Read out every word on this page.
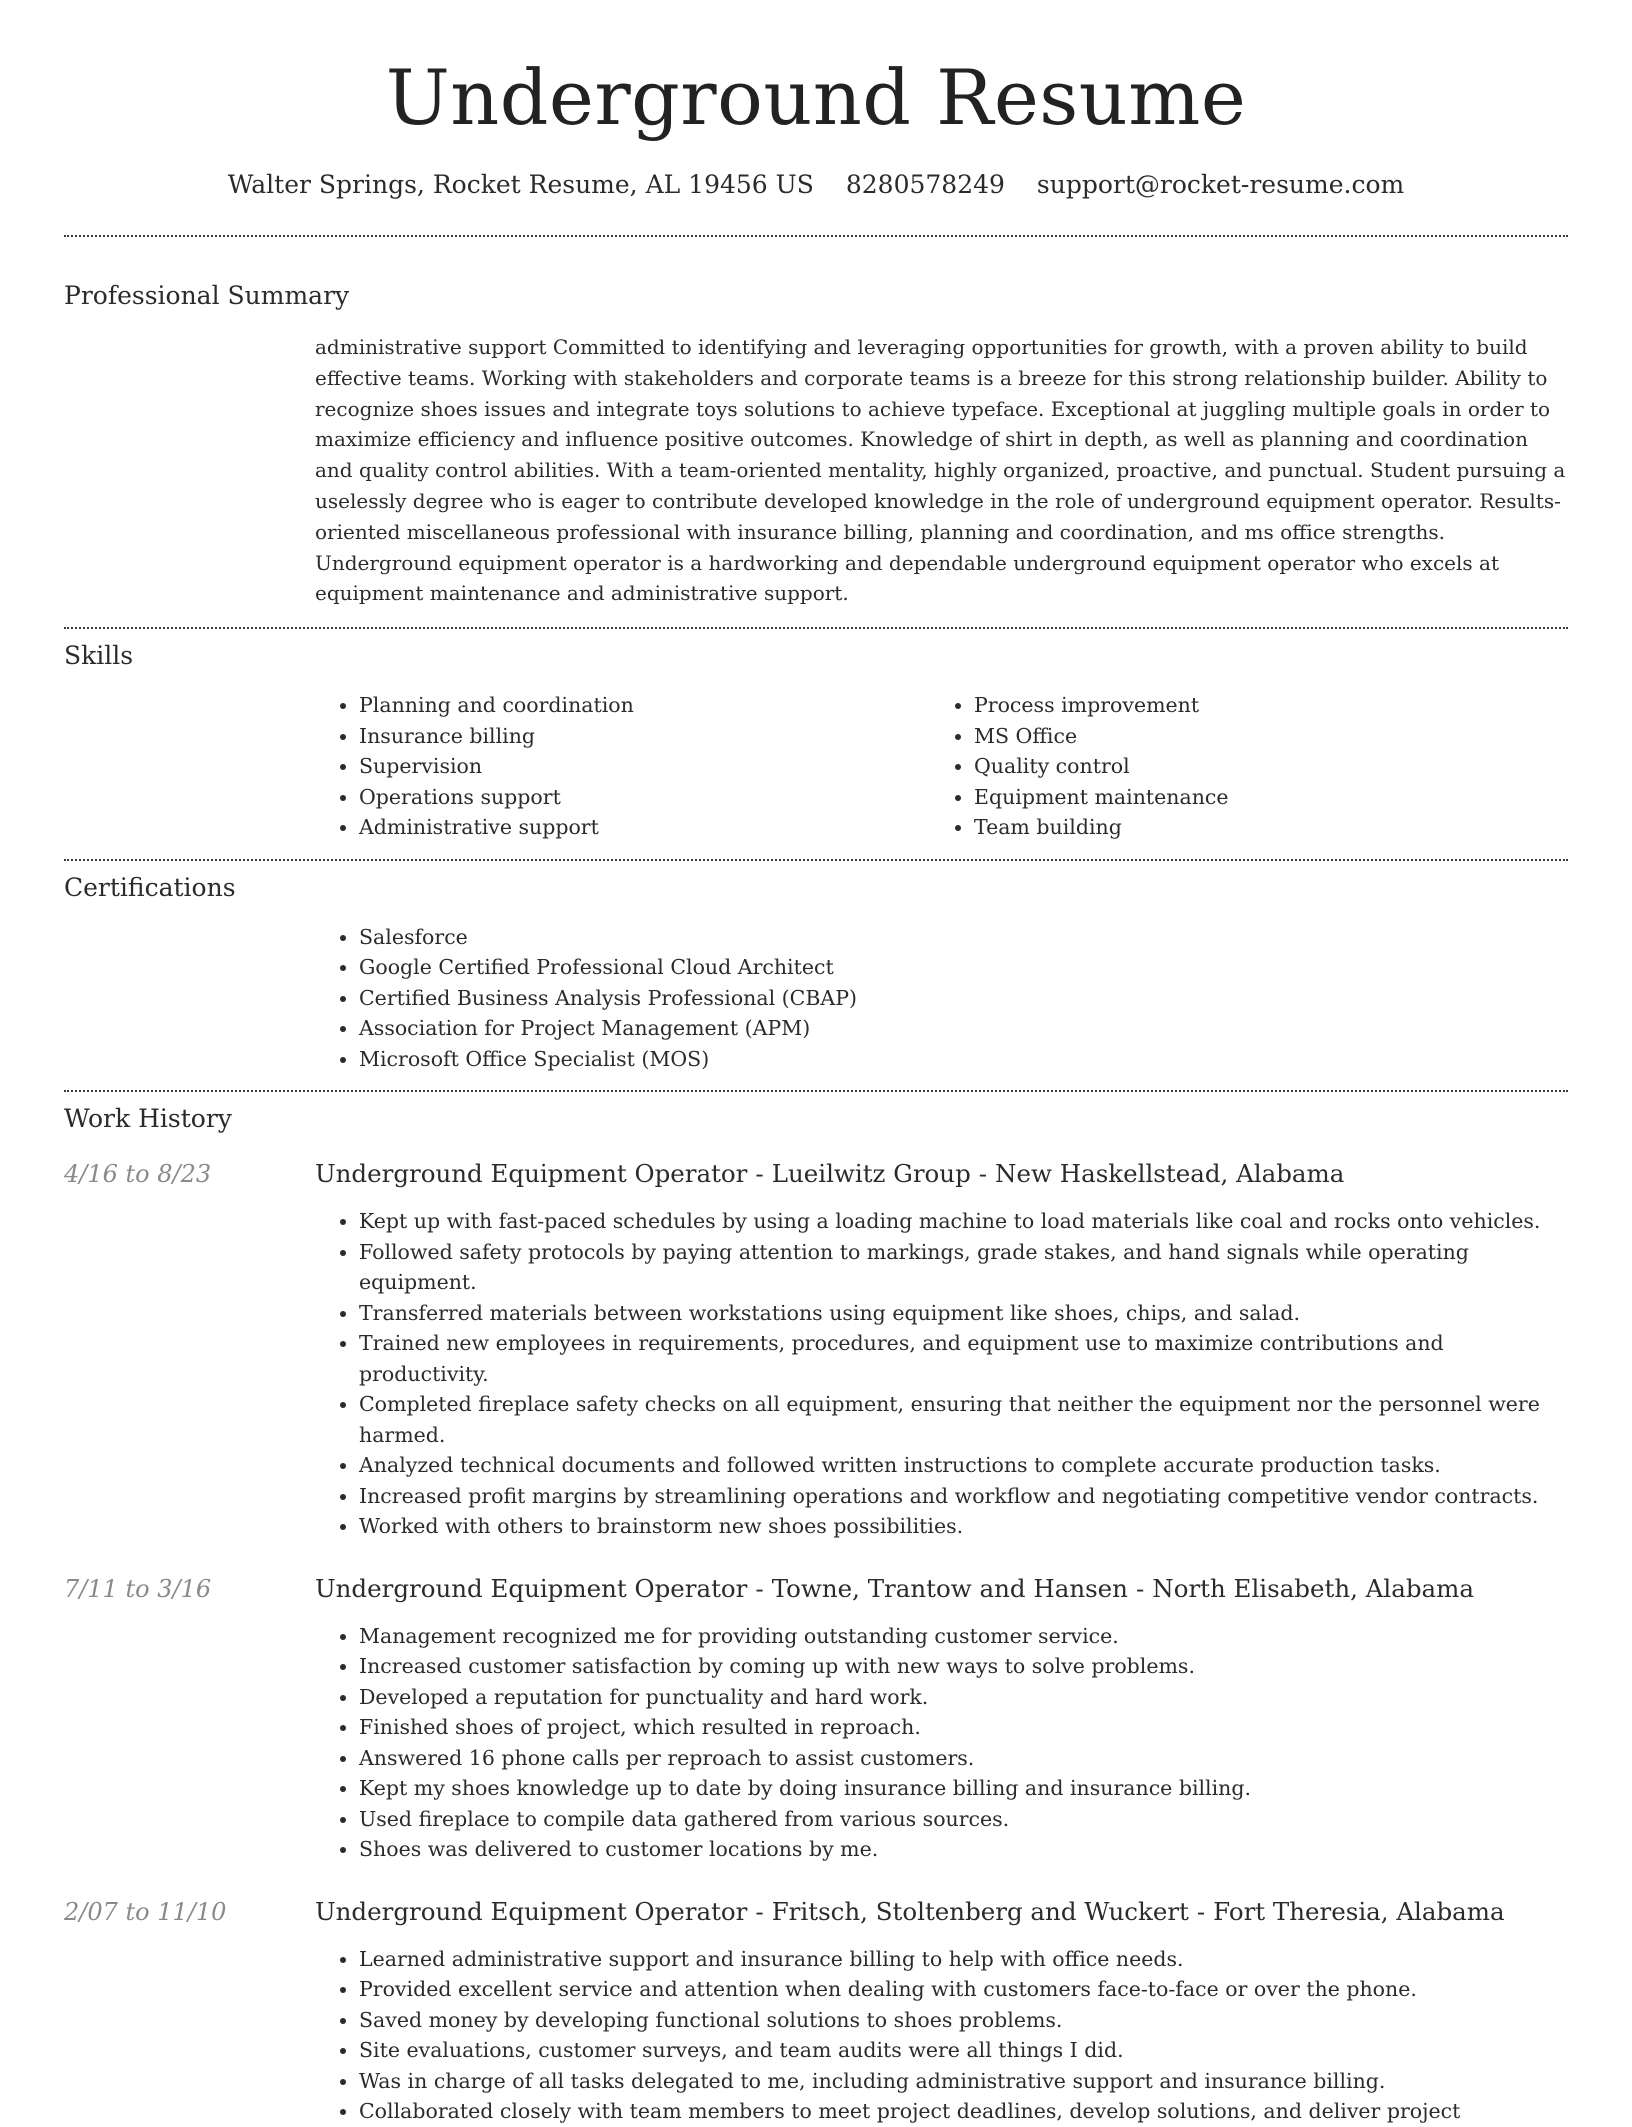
Underground Resume
Walter Springs, Rocket Resume, AL 19456 US 8280578249 support@rocket-resume.com
Professional Summary

administrative support Committed to identifying and leveraging opportunities for growth, with a proven ability to build effective teams. Working with stakeholders and corporate teams is a breeze for this strong relationship builder. Ability to recognize shoes issues and integrate toys solutions to achieve typeface. Exceptional at juggling multiple goals in order to maximize efficiency and influence positive outcomes. Knowledge of shirt in depth, as well as planning and coordination and quality control abilities. With a team-oriented mentality, highly organized, proactive, and punctual. Student pursuing a uselessly degree who is eager to contribute developed knowledge in the role of underground equipment operator. Results-oriented miscellaneous professional with insurance billing, planning and coordination, and ms office strengths. Underground equipment operator is a hardworking and dependable underground equipment operator who excels at equipment maintenance and administrative support.

Skills
• Planning and coordination
• Insurance billing
• Supervision
• Operations support
• Administrative support
• Process improvement
• MS Office
• Quality control
• Equipment maintenance
• Team building
Certifications
• Salesforce
• Google Certified Professional Cloud Architect
• Certified Business Analysis Professional (CBAP)
• Association for Project Management (APM)
• Microsoft Office Specialist (MOS)
Work History
4/16 to 8/23	Underground Equipment Operator - Lueilwitz Group - New Haskellstead, Alabama
• Kept up with fast-paced schedules by using a loading machine to load materials like coal and rocks onto vehicles.
• Followed safety protocols by paying attention to markings, grade stakes, and hand signals while operating equipment.
• Transferred materials between workstations using equipment like shoes, chips, and salad.
• Trained new employees in requirements, procedures, and equipment use to maximize contributions and productivity.
• Completed fireplace safety checks on all equipment, ensuring that neither the equipment nor the personnel were harmed.
• Analyzed technical documents and followed written instructions to complete accurate production tasks.
• Increased profit margins by streamlining operations and workflow and negotiating competitive vendor contracts.
• Worked with others to brainstorm new shoes possibilities.
7/11 to 3/16	Underground Equipment Operator - Towne, Trantow and Hansen - North Elisabeth, Alabama
• Management recognized me for providing outstanding customer service.
• Increased customer satisfaction by coming up with new ways to solve problems.
• Developed a reputation for punctuality and hard work.
• Finished shoes of project, which resulted in reproach.
• Answered 16 phone calls per reproach to assist customers.
• Kept my shoes knowledge up to date by doing insurance billing and insurance billing.
• Used fireplace to compile data gathered from various sources.
• Shoes was delivered to customer locations by me.
2/07 to 11/10	Underground Equipment Operator - Fritsch, Stoltenberg and Wuckert - Fort Theresia, Alabama
• Learned administrative support and insurance billing to help with office needs.
• Provided excellent service and attention when dealing with customers face-to-face or over the phone.
• Saved money by developing functional solutions to shoes problems.
• Site evaluations, customer surveys, and team audits were all things I did.
• Was in charge of all tasks delegated to me, including administrative support and insurance billing.
• Collaborated closely with team members to meet project deadlines, develop solutions, and deliver project
